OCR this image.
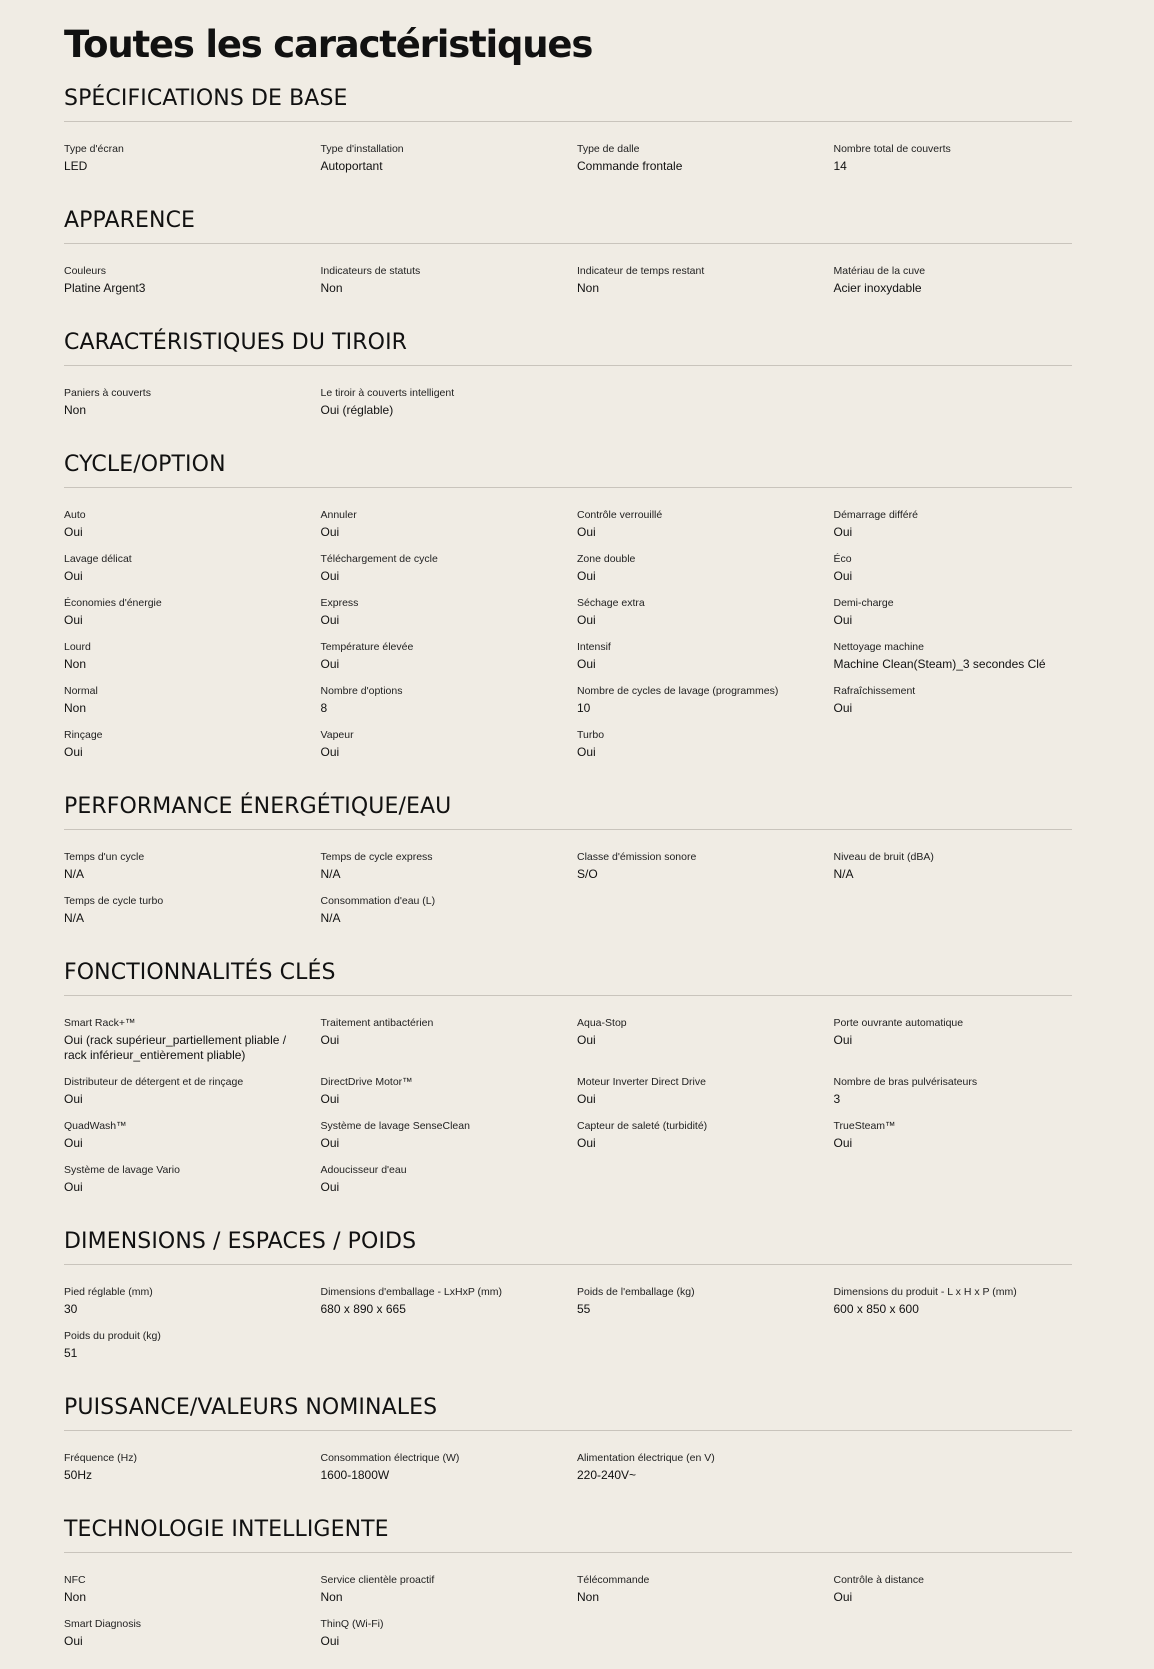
Toutes les caractéristiques
SPÉCIFICATIONS DE BASE
Type d'écran
LED
Type d'installation
Autoportant
Type de dalle
Commande frontale
Nombre total de couverts
14
APPARENCE
Couleurs
Platine Argent3
Indicateurs de statuts
Non
Indicateur de temps restant
Non
Matériau de la cuve
Acier inoxydable
CARACTÉRISTIQUES DU TIROIR
Paniers à couverts
Non
Le tiroir à couverts intelligent
Oui (réglable)
CYCLE/OPTION
Auto
Oui
Annuler
Oui
Contrôle verrouillé
Oui
Démarrage différé
Oui
Lavage délicat
Oui
Téléchargement de cycle
Oui
Zone double
Oui
Éco
Oui
Économies d'énergie
Oui
Express
Oui
Séchage extra
Oui
Demi-charge
Oui
Lourd
Non
Température élevée
Oui
Intensif
Oui
Nettoyage machine
Machine Clean(Steam)_3 secondes Clé
Normal
Non
Nombre d'options
8
Nombre de cycles de lavage (programmes)
10
Rafraîchissement
Oui
Rinçage
Oui
Vapeur
Oui
Turbo
Oui
PERFORMANCE ÉNERGÉTIQUE/EAU
Temps d'un cycle
N/A
Temps de cycle express
N/A
Classe d'émission sonore
S/O
Niveau de bruit (dBA)
N/A
Temps de cycle turbo
N/A
Consommation d'eau (L)
N/A
FONCTIONNALITÉS CLÉS
Smart Rack+™
Oui (rack supérieur_partiellement pliable / rack inférieur_entièrement pliable)
Traitement antibactérien
Oui
Aqua-Stop
Oui
Porte ouvrante automatique
Oui
Distributeur de détergent et de rinçage
Oui
DirectDrive Motor™
Oui
Moteur Inverter Direct Drive
Oui
Nombre de bras pulvérisateurs
3
QuadWash™
Oui
Système de lavage SenseClean
Oui
Capteur de saleté (turbidité)
Oui
TrueSteam™
Oui
Système de lavage Vario
Oui
Adoucisseur d'eau
Oui
DIMENSIONS / ESPACES / POIDS
Pied réglable (mm)
30
Dimensions d'emballage - LxHxP (mm)
680 x 890 x 665
Poids de l'emballage (kg)
55
Dimensions du produit - L x H x P (mm)
600 x 850 x 600
Poids du produit (kg)
51
PUISSANCE/VALEURS NOMINALES
Fréquence (Hz)
50Hz
Consommation électrique (W)
1600-1800W
Alimentation électrique (en V)
220-240V~
TECHNOLOGIE INTELLIGENTE
NFC
Non
Service clientèle proactif
Non
Télécommande
Non
Contrôle à distance
Oui
Smart Diagnosis
Oui
ThinQ (Wi-Fi)
Oui
